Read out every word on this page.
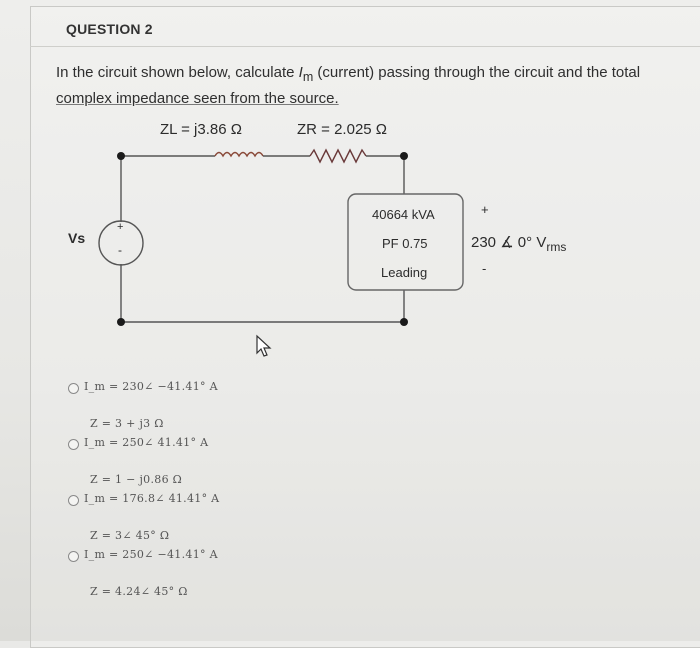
QUESTION 2
In the circuit shown below, calculate $I_m$ (current) passing through the circuit and the total
complex impedance seen from the source.
ZL = j3.86 Ω	ZR = 2.025 Ω
Vs
+
-
40664 kVA
PF 0.75
Leading
+
230 ∡ 0° $V_{rms}$
-
I_m = 230∠ −41.41° A
Z = 3 + j3 Ω
I_m = 250∠ 41.41° A
Z = 1 − j0.86 Ω
I_m = 176.8∠ 41.41° A
Z = 3∠ 45° Ω
I_m = 250∠ −41.41° A
Z = 4.24∠ 45° Ω
